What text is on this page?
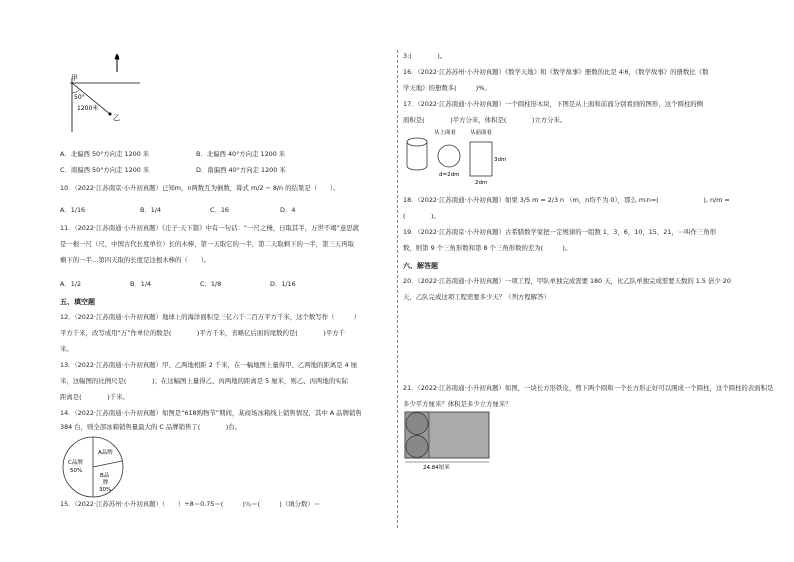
N
甲
50°
1200米
乙
A．北偏西 50°方向走 1200 米	B．北偏西 40°方向走 1200 米
C．南偏西 50°方向走 1200 米	D．南偏西 40°方向走 1200 米
10．（2022·江苏南京·小升初真题）已知m，n两数互为倒数，算式 m/2 − 8/n 的结果是（　　）。
A．1/16	B．1/4	C．16	D．4
11．（2022·江苏南通·小升初真题）《庄子·天下篇》中有一句话：“一尺之棰，日取其半，万世不竭”意思就
是一根一尺（尺，中国古代长度单位）长的木棒，第一天取它的一半，第二天取剩下的一半，第三天再取
剩下的一半…第四天取的长度是这根木棒的（　　）。
A．1/2	B．1/4	C．1/8	D．1/16
五、填空题
12．（2022·江苏南通·小升初真题）地球上的海洋面积是三亿六千二百万平方千米，这个数写作（　　　）
平方千米，改写成用“万”作单位的数是(　　　　)平方千米，省略亿后面的尾数约是(　　　　)平方千
米。
13．（2022·江苏南通·小升初真题）甲、乙两地相距 2 千米，在一幅地图上量得甲、乙两地的距离是 4 厘
米，这幅图的比例尺是(　　　　)；在这幅图上量得乙、丙两地的距离是 5 厘米，则乙、丙两地的实际
距离是(　　　　)千米。
14．（2022·江苏南通·小升初真题）如图是“618购物节”期间，某商场冰箱线上销售情况，其中 A 品牌销售
384 台，则全部冰箱销售量最大的 C 品牌销售了(　　　　)台。
A品牌
B品
牌
30%
C品牌
50%
15．（2022·江苏苏州·小升初真题）（　　）÷8＝0.75＝(　　　)％＝(　　　)（填分数）＝
3:(　　　　)。
16．（2022·江苏苏州·小升初真题）《数学天地》和《数学故事》册数的比是 4∶6，《数学故事》的册数比《数
学天地》的册数多(　　　)%。
17．（2022·江苏南通·小升初真题）一个圆柱形木块，下图是从上面和前面分别看到的图形，这个圆柱的侧
面积是(　　　　)平方分米，体积是(　　　　)立方分米。
从上面看	从前面看
d=2dm
3dm
2dm
18．（2022·江苏南通·小升初真题）如果 3/5 m = 2/3 n （m，n均不为 0），那么 m∶n=(　　　　　　　), n/m =
(　　　　)。
19．（2022·江苏南京·小升初真题）古希腊数学家把一定规律的一组数 1，3，6，10，15，21，⋯叫作三角形
数，则第 9 个三角形数和第 8 个三角形数的差为(　　　)。
六、解答题
20．（2022·江苏南通·小升初真题）一项工程，甲队单独完成需要 180 天，比乙队单独完成需要天数的 1.5 倍少 20
天，乙队完成这项工程需要多少天？（列方程解答）
21．（2022·江苏南通·小升初真题）如图，一块长方形铁皮，剪下两个圆和一个长方形正好可以围成一个圆柱，这个圆柱的表面积是
多少平方厘米？体积是多少立方厘米？
24.84厘米
